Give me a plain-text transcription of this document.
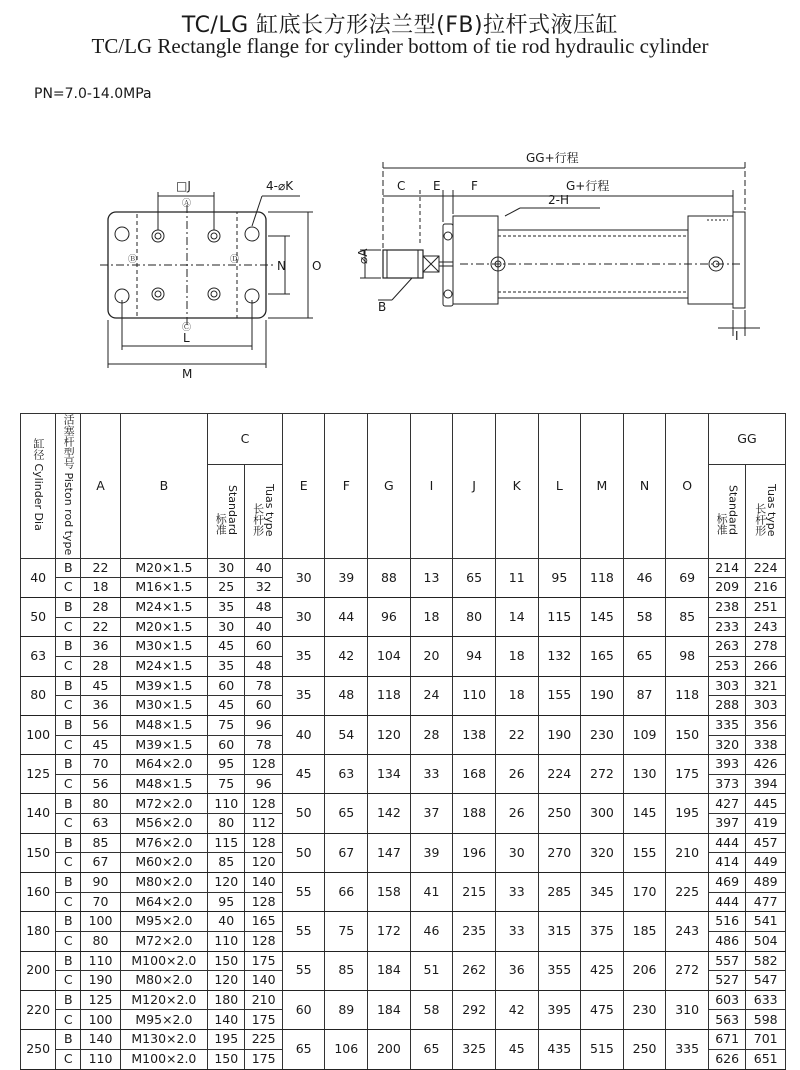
TC/LG 缸底长方形法兰型(FB)拉杆式液压缸
TC/LG Rectangle flange for cylinder bottom of tie rod hydraulic cylinder
PN=7.0-14.0MPa
□J	4-⌀K
Ⓐ
Ⓑ
Ⓒ
Ⓓ
L
M
N O
GG+行程
G+行程
2-H
C E	F
⌀A
B
I
缸径 Cylinder Dia	活塞杆型号 Piston rod type	A	B	C		E	F	G	I	J	K	L	M	N	O	GG	
				标准Standard	长杆形Tuas type											标准Standard	长杆形Tuas type
40	B	22	M20×1.5	30	40	30	39	88	13	65	11	95	118	46	69	214	224
	C	18	M16×1.5	25	32											209	216
50	B	28	M24×1.5	35	48	30	44	96	18	80	14	115	145	58	85	238	251
	C	22	M20×1.5	30	40											233	243
63	B	36	M30×1.5	45	60	35	42	104	20	94	18	132	165	65	98	263	278
	C	28	M24×1.5	35	48											253	266
80	B	45	M39×1.5	60	78	35	48	118	24	110	18	155	190	87	118	303	321
	C	36	M30×1.5	45	60											288	303
100	B	56	M48×1.5	75	96	40	54	120	28	138	22	190	230	109	150	335	356
	C	45	M39×1.5	60	78											320	338
125	B	70	M64×2.0	95	128	45	63	134	33	168	26	224	272	130	175	393	426
	C	56	M48×1.5	75	96											373	394
140	B	80	M72×2.0	110	128	50	65	142	37	188	26	250	300	145	195	427	445
	C	63	M56×2.0	80	112											397	419
150	B	85	M76×2.0	115	128	50	67	147	39	196	30	270	320	155	210	444	457
	C	67	M60×2.0	85	120											414	449
160	B	90	M80×2.0	120	140	55	66	158	41	215	33	285	345	170	225	469	489
	C	70	M64×2.0	95	128											444	477
180	B	100	M95×2.0	40	165	55	75	172	46	235	33	315	375	185	243	516	541
	C	80	M72×2.0	110	128											486	504
200	B	110	M100×2.0	150	175	55	85	184	51	262	36	355	425	206	272	557	582
	C	190	M80×2.0	120	140											527	547
220	B	125	M120×2.0	180	210	60	89	184	58	292	42	395	475	230	310	603	633
	C	100	M95×2.0	140	175											563	598
250	B	140	M130×2.0	195	225	65	106	200	65	325	45	435	515	250	335	671	701
	C	110	M100×2.0	150	175											626	651
